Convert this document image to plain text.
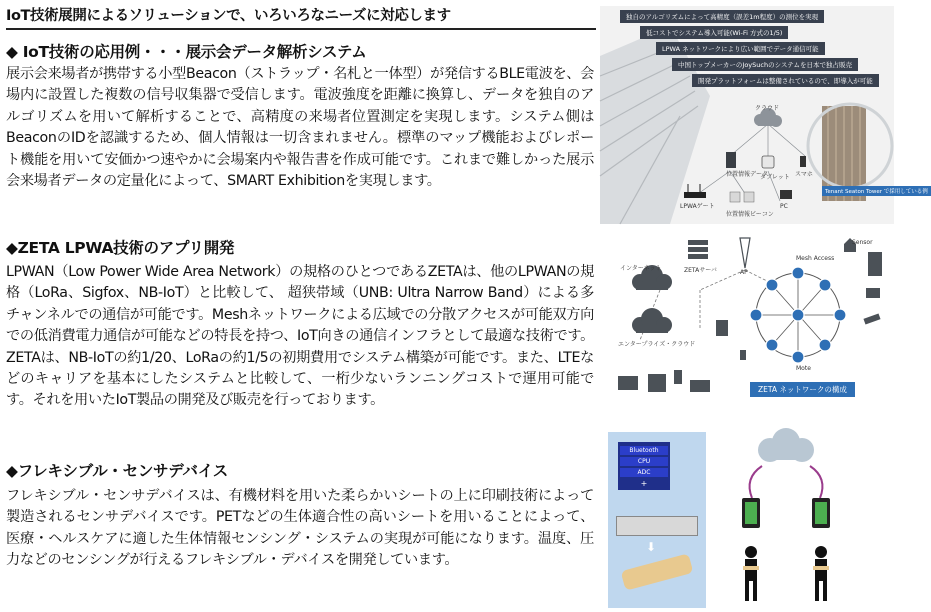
IoT技術展開によるソリューションで、いろいろなニーズに対応します
◆ IoT技術の応用例・・・展示会データ解析システム
展示会来場者が携帯する小型Beacon（ストラップ・名札と一体型）が発信するBLE電波を、会場内に設置した複数の信号収集器で受信します。電波強度を距離に換算し、データを独自のアルゴリズムを用いて解析することで、高精度の来場者位置測定を実現します。システム側はBeaconのIDを認識するため、個人情報は一切含まれません。標準のマップ機能およびレポート機能を用いて安価かつ速やかに会場案内や報告書を作成可能です。これまで難しかった展示会来場者データの定量化によって、SMART Exhibitionを実現します。
◆ZETA LPWA技術のアプリ開発
LPWAN（Low Power Wide Area Network）の規格のひとつであるZETAは、他のLPWANの規格（LoRa、Sigfox、NB-IoT）と比較して、 超狭帯域（UNB: Ultra Narrow Band）による多チャンネルでの通信が可能です。Meshネットワークによる広域での分散アクセスが可能双方向での低消費電力通信が可能などの特長を持つ、IoT向きの通信インフラとして最適な技術です。ZETAは、NB-IoTの約1/20、LoRaの約1/5の初期費用でシステム構築が可能です。また、LTEなどのキャリアを基本にしたシステムと比較して、一桁少ないランニングコストで運用可能です。それを用いたIoT製品の開発及び販売を行っております。
◆フレキシブル・センサデバイス
フレキシブル・センサデバイスは、有機材料を用いた柔らかいシートの上に印刷技術によって製造されるセンサデバイスです。PETなどの生体適合性の高いシートを用いることによって、医療・ヘルスケアに適した生体情報センシング・システムの実現が可能になります。温度、圧力などのセンシングが行えるフレキシブル・デバイスを開発しています。
位置情報データ
クラウド
LPWAゲート
スマホ
PC
タブレット
位置情報ビーコン
独自のアルゴリズムによって高精度（誤差1m程度）の測位を実現
低コストでシステム導入可能(Wi-Fi 方式の1/5)
LPWA ネットワークにより広い範囲でデータ通信可能
中国トップメーカーのJoySuchのシステムを日本で独占販売
開発プラットフォームは整備されているので、即導入が可能
Tenant Seaton Tower で採用している例
インターネット	ZETAサーバ
エンタープライズ・クラウド
AP
Mesh Access
Sensor
Mote
ZETA ネットワークの構成
Bluetooth
CPU
ADC
+
⬇
